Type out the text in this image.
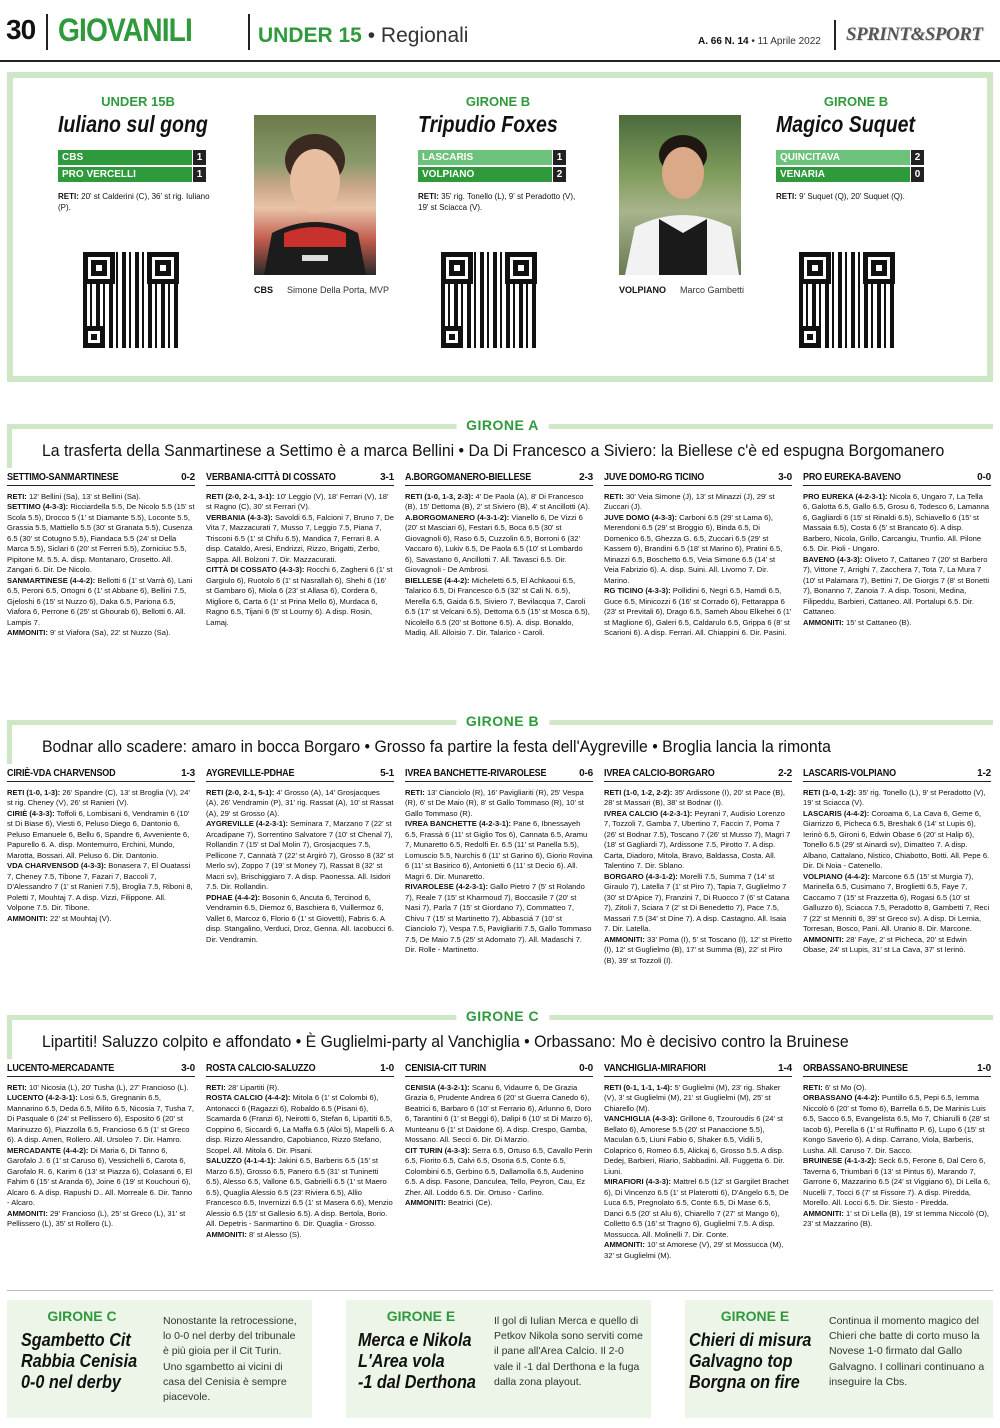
30 GIOVANILI	UNDER 15 • Regionali	A. 66 N. 14 • 11 Aprile 2022 SPRINT&SPORT
UNDER 15B
Iuliano sul gong
CBS	1
PRO VERCELLI	1
RETI: 20' st Calderini (C), 36' st rig. Iuliano (P).
CBS Simone Della Porta, MVP
GIRONE B
Tripudio Foxes
LASCARIS	1
VOLPIANO	2
RETI: 35' rig. Tonello (L), 9' st Peradotto (V), 19' st Sciacca (V).
VOLPIANO Marco Gambetti
GIRONE B
Magico Suquet
QUINCITAVA	2
VENARIA	0
RETI: 9' Suquet (Q), 20' Suquet (Q).
GIRONE A
La trasferta della Sanmartinese a Settimo è a marca Bellini • Da Di Francesco a Siviero: la Biellese c'è ed espugna Borgomanero
SETTIMO-SANMARTINESE	0-2
RETI: 12' Bellini (Sa), 13' st Bellini (Sa).
SETTIMO (4-3-3): Ricciardella 5.5, De Nicolo 5.5 (15' st Scola 5.5), Drocco 5 (1' st Diamante 5.5), Loconte 5.5, Grassia 5.5, Mattiello 5.5 (30' st Granata 5.5), Cusenza 6.5 (30' st Cotugno 5.5), Fiandaca 5.5 (24' st Della Marca 5.5), Siclari 6 (20' st Ferreri 5.5), Zorniciuc 5.5, Pipitone M. 5.5. A. disp. Montanaro, Crosetto. All. Zangari 6. Dir. De Nicolo.
SANMARTINESE (4-4-2): Bellotti 6 (1' st Varrà 6), Lani 6.5, Peroni 6.5, Ortogni 6 (1' st Abbane 6), Bellini 7.5, Gjeloshi 6 (15' st Nuzzo 6), Daka 6.5, Pariona 6.5, Viafora 6, Perrone 6 (25' st Ghourab 6), Bellotti 6. All. Lampis 7.
AMMONITI: 9' st Viafora (Sa), 22' st Nuzzo (Sa).
VERBANIA-CITTÀ DI COSSATO	3-1
RETI (2-0, 2-1, 3-1): 10' Leggio (V), 18' Ferrari (V), 18' st Ragno (C), 30' st Ferrari (V).
VERBANIA (4-3-3): Savoldi 6.5, Falcioni 7, Bruno 7, De Vita 7, Mazzacurati 7, Musso 7, Leggio 7.5, Piana 7, Trisconi 6.5 (1' st Chifu 6.5), Mandica 7, Ferrari 8. A disp. Cataldo, Aresi, Endrizzi, Rizzo, Brigatti, Zerbo, Sappa. All. Bolzoni 7. Dir. Mazzacurati.
CITTÀ DI COSSATO (4-3-3): Rocchi 6, Zagheni 6 (1' st Gargiulo 6), Ruotolo 6 (1' st Nasrallah 6), Shehi 6 (16' st Gambaro 6), Miola 6 (23' st Allasa 6), Cordera 6, Migliore 6, Carta 6 (1' st Prina Mello 6), Murdaca 6, Ragno 6.5, Tijani 6 (5' st Lourny 6). A disp. Rosin, Lamaj.
A.BORGOMANERO-BIELLESE	2-3
RETI (1-0, 1-3, 2-3): 4' De Paola (A), 8' Di Francesco (B), 15' Dettoma (B), 2' st Siviero (B), 4' st Ancillotti (A).
A.BORGOMANERO (4-3-1-2): Vianello 6, De Vizzi 6 (20' st Masciari 6), Festari 6.5, Boca 6.5 (30' st Giovagnoli 6), Raso 6.5, Cuzzolin 6.5, Borroni 6 (32' Vaccaro 6), Lukiv 6.5, De Paola 6.5 (10' st Lombardo 6), Savastano 6, Ancillotti 7. All. Tavasci 6.5. Dir. Giovagnoli - De Ambrosi.
BIELLESE (4-4-2): Micheletti 6.5, El Achkaoui 6.5, Talarico 6.5, Di Francesco 6.5 (32' st Cali N. 6.5), Merella 6.5, Gaida 6.5, Siviero 7, Bevilacqua 7, Caroli 6.5 (17' st Velcani 6.5), Dettoma 6.5 (15' st Mosca 6.5), Nicolello 6.5 (20' st Bottone 6.5). A. disp. Bonaldo, Madiq. All. Alloisio 7. Dir. Talarico - Caroli.
JUVE DOMO-RG TICINO	3-0
RETI: 30' Veia Simone (J), 13' st Minazzi (J), 29' st Zuccari (J).
JUVE DOMO (4-3-3): Carboni 6.5 (29' st Lama 6), Merendoni 6.5 (29' st Broggio 6), Binda 6.5, Di Domenico 6.5, Ghezza G. 6.5, Zuccari 6.5 (29' st Kassem 6), Brandini 6.5 (18' st Marino 6), Pratini 6.5, Minazzi 6.5, Boschetto 6.5, Veia Simone 6.5 (14' st Veia Fabrizio 6). A. disp. Suini. All. Livorno 7. Dir. Marino.
RG TICINO (4-3-3): Pollidini 6, Negri 6.5, Hamdi 6.5, Guce 6.5, Minicozzi 6 (16' st Corrado 6), Fettarappa 6 (23' st Previtali 6), Drago 6.5, Sameh Abou Elkehei 6 (1' st Maglione 6), Galeri 6.5, Caldarulo 6.5, Grippa 6 (8' st Scarioni 6). A disp. Ferrari. All. Chiappini 6. Dir. Pasini.
PRO EUREKA-BAVENO	0-0
PRO EUREKA (4-2-3-1): Nicola 6, Ungaro 7, La Tella 6, Galotta 6.5, Gallo 6.5, Grosu 6, Todesco 6, Lamanna 6, Gagliardi 6 (15' st Rinaldi 6.5), Schiavello 6 (15' st Massaia 6.5), Costa 6 (5' st Brancato 6). A disp. Barbero, Nicola, Grillo, Carcangiu, Trunfio. All. Pilone 6.5. Dir. Pioli - Ungaro.
BAVENO (4-3-3): Oliveto 7, Cattaneo 7 (20' st Barbero 7), Vittone 7, Arrighi 7, Zacchera 7, Tota 7, La Mura 7 (10' st Palamara 7), Bettini 7, De Giorgis 7 (8' st Bonetti 7), Bonanno 7, Zanoia 7. A disp. Tosoni, Medina, Filipeddu, Barbieri, Cattaneo. All. Portalupi 6.5. Dir. Cattaneo.
AMMONITI: 15' st Cattaneo (B).
GIRONE B
Bodnar allo scadere: amaro in bocca Borgaro • Grosso fa partire la festa dell'Aygreville • Broglia lancia la rimonta
CIRIÈ-VDA CHARVENSOD	1-3
RETI (1-0, 1-3): 26' Spandre (C), 13' st Broglia (V), 24' st rig. Cheney (V), 26' st Ranieri (V).
CIRIÈ (4-3-3): Toffoli 6, Lombisani 6, Vendramin 6 (10' st Di Biase 6), Viesti 6, Peluso Diego 6, Dantonio 6, Peluso Emanuele 6, Bellu 6, Spandre 6, Avveniente 6, Papurello 6. A. disp. Montemurro, Erchini, Mundo, Marotta, Bossari. All. Peluso 6. Dir. Dantonio.
VDA CHARVENSOD (4-3-3): Bonasera 7, El Ouatassi 7, Cheney 7.5, Tibone 7, Fazari 7, Baccoli 7, D'Alessandro 7 (1' st Ranieri 7.5), Broglia 7.5, Riboni 8, Poletti 7, Mouhtaj 7. A disp. Vizzi, Filippone. All. Volpone 7.5. Dir. Tibone.
AMMONITI: 22' st Mouhtaj (V).
AYGREVILLE-PDHAE	5-1
RETI (2-0, 2-1, 5-1): 4' Grosso (A), 14' Grosjacques (A), 26' Vendramin (P), 31' rig. Rassat (A), 10' st Rassat (A), 29' st Grosso (A).
AYGREVILLE (4-2-3-1): Seminara 7, Marzano 7 (22' st Arcadipane 7), Sorrentino Salvatore 7 (10' st Chenal 7), Rollandin 7 (15' st Dal Molin 7), Grosjacques 7.5, Pellicone 7, Cannatà 7 (22' st Argirò 7), Grosso 8 (32' st Merlo sv), Zoppo 7 (19' st Money 7), Rassat 8 (32' st Macri sv), Brischiggiaro 7. A disp. Paonessa. All. Isidori 7.5. Dir. Rollandin.
PDHAE (4-4-2): Bosonin 6, Ancuta 6, Tercinod 6, Vendramin 6.5, Diemoz 6, Baschiera 6, Vuillermoz 6, Vallet 6, Marcoz 6, Florio 6 (1' st Giovetti), Fabris 6. A disp. Stangalino, Verduci, Droz, Genna. All. Iacobucci 6. Dir. Vendramin.
IVREA BANCHETTE-RIVAROLESE	0-6
RETI: 13' Cianciolo (R), 16' Pavigliariti (R), 25' Vespa (R), 6' st De Maio (R), 8' st Gallo Tommaso (R), 10' st Gallo Tommaso (R).
IVREA BANCHETTE (4-2-3-1): Pane 6, Ibnessayeh 6.5, Frassà 6 (11' st Giglio Tos 6), Cannata 6.5, Aramu 7, Munaretto 6.5, Redolfi Er. 6.5 (11' st Panella 5.5), Lomuscio 5.5, Nurchis 6 (11' st Garino 6), Giorio Rovina 6 (11' st Basirico 6), Antonietti 6 (11' st Decio 6). All. Magri 6. Dir. Munaretto.
RIVAROLESE (4-2-3-1): Gallo Pietro 7 (5' st Rolando 7), Reale 7 (15' st Kharmoud 7), Boccasile 7 (20' st Nasi 7), Parla 7 (15' st Giordano 7), Commatteo 7, Chivu 7 (15' st Martinetto 7), Abbasciá 7 (10' st Cianciolo 7), Vespa 7.5, Pavigliariti 7.5, Gallo Tommaso 7.5, De Maio 7.5 (25' st Adornato 7). All. Madaschi 7. Dir. Rolle - Martinetto.
IVREA CALCIO-BORGARO	2-2
RETI (1-0, 1-2, 2-2): 35' Ardissone (I), 20' st Pace (B), 28' st Massari (B), 38' st Bodnar (I).
IVREA CALCIO (4-2-3-1): Peyrani 7, Audisio Lorenzo 7, Tozzoli 7, Gamba 7, Ubertino 7, Faccin 7, Poma 7 (26' st Bodnar 7.5), Toscano 7 (26' st Musso 7), Magri 7 (18' st Gagliardi 7), Ardissone 7.5, Pirotto 7. A disp. Carta, Diadoro, Mitola, Bravo, Baldassa, Costa. All. Talentino 7. Dir. Sblano.
BORGARO (4-3-1-2): Morelli 7.5, Summa 7 (14' st Giraulo 7), Latella 7 (1' st Piro 7), Tapia 7, Guglielmo 7 (30' st D'Apice 7), Franzini 7, Di Ruocco 7 (6' st Catana 7), Zitoli 7, Sciara 7 (2' st Di Benedetto 7), Pace 7.5, Massari 7.5 (34' st Dine 7). A disp. Castagno. All. Isaia 7. Dir. Latella.
AMMONITI: 33' Poma (I), 5' st Toscano (I), 12' st Piretto (I), 12' st Guglielmo (B), 17' st Summa (B), 22' st Piro (B), 39' st Tozzoli (I).
LASCARIS-VOLPIANO	1-2
RETI (1-0, 1-2): 35' rig. Tonello (L), 9' st Peradotto (V), 19' st Sciacca (V).
LASCARIS (4-4-2): Coroama 6, La Cava 6, Geme 6, Giarrizzo 6, Picheca 6.5, Breshak 6 (14' st Lupis 6), Ierinò 6.5, Gironi 6, Edwin Obase 6 (20' st Halip 6), Tonello 6.5 (29' st Ainardi sv), Dimatteo 7. A disp. Albano, Cattalano, Nistico, Chiabotto, Botti. All. Pepe 6. Dir. Di Noia - Catenello.
VOLPIANO (4-4-2): Marcone 6.5 (15' st Murgia 7), Marinella 6.5, Cusimano 7, Broglietti 6.5, Faye 7, Caccamo 7 (15' st Frazzetta 6), Rogasi 6.5 (10' st Galluzzo 6), Sciacca 7.5, Peradotto 8, Gambetti 7, Reci 7 (22' st Menniti 6, 39' st Greco sv). A disp. Di Lernia, Torresan, Bosco, Pani. All. Uranio 8. Dir. Marcone.
AMMONITI: 28' Faye, 2' st Picheca, 20' st Edwin Obase, 24' st Lupis, 31' st La Cava, 37' st Ierinò.
GIRONE C
Lipartiti! Saluzzo colpito e affondato • È Guglielmi-party al Vanchiglia • Orbassano: Mo è decisivo contro la Bruinese
LUCENTO-MERCADANTE	3-0
RETI: 10' Nicosia (L), 20' Tusha (L), 27' Francioso (L).
LUCENTO (4-2-3-1): Losi 6.5, Gregnanin 6.5, Mannarino 6.5, Deda 6.5, Milito 6.5, Nicosia 7, Tusha 7, Di Pasquale 6 (24' st Pellissero 6), Esposito 6 (20' st Marinuzzo 6), Piazzolla 6.5, Francioso 6.5 (1' st Greco 6). A disp. Amen, Rollero. All. Ursoleo 7. Dir. Hamro.
MERCADANTE (4-4-2): Di Maria 6, Di Tanno 6, Garofalo J. 6 (1' st Caruso 6), Vessichelli 6, Carota 6, Garofalo R. 6, Karim 6 (13' st Piazza 6), Colasanti 6, El Fahim 6 (15' st Aranda 6), Joine 6 (19' st Kouchouri 6), Alcaro 6. A disp. Rapushi D.. All. Morreale 6. Dir. Tanno - Alcaro.
AMMONITI: 29' Francioso (L), 25' st Greco (L), 31' st Pellissero (L), 35' st Rollero (L).
ROSTA CALCIO-SALUZZO	1-0
RETI: 28' Lipartiti (R).
ROSTA CALCIO (4-4-2): Mitola 6 (1' st Colombi 6), Antonacci 6 (Ragazzi 6), Robaldo 6.5 (Pisani 6), Scamarda 6 (Franzi 6), Neirotti 6, Stefan 6, Lipartiti 6.5, Coppino 6, Siccardi 6, La Maffa 6.5 (Aloi 5), Mapelli 6. A disp. Rizzo Alessandro, Capobianco, Rizzo Stefano, Scopel. All. Mitola 6. Dir. Pisani.
SALUZZO (4-1-4-1): Jakini 6.5, Barberis 6.5 (15' st Marzo 6.5), Grosso 6.5, Panero 6.5 (31' st Tuninetti 6.5), Alesso 6.5, Vallone 6.5, Gabrielli 6.5 (1' st Maero 6.5), Quaglia Alessio 6.5 (23' Riviera 6.5), Allio Francesco 6.5, Invernizzi 6.5 (1' st Masera 6.6), Menzio Alessio 6.5 (15' st Gallesio 6.5). A disp. Bertola, Borio. All. Depetris - Sanmartino 6. Dir. Quaglia - Grosso.
AMMONITI: 8' st Alesso (S).
CENISIA-CIT TURIN	0-0
CENISIA (4-3-2-1): Scanu 6, Vidaurre 6, De Grazia Grazia 6, Prudente Andrea 6 (20' st Guerra Canedo 6), Beatrici 6, Barbaro 6 (10' st Ferrario 6), Arlunno 6, Doro 6, Tarantini 6 (1' st Beggi 6), Dalipi 6 (10' st Di Marzo 6), Munteanu 6 (1' st Daidone 6). A disp. Crespo, Gamba, Mossano. All. Secci 6. Dir. Di Marzio.
CIT TURIN (4-3-3): Serra 6.5, Ortuso 6.5, Cavallo Perin 6.5, Fiorito 6.5, Calvi 6.5, Osoria 6.5, Conte 6.5, Colombini 6.5, Gerbino 6.5, Dallamolla 6.5, Audenino 6.5. A disp. Fasone, Danculea, Tello, Peyron, Cau, Ez Zher. All. Loddo 6.5. Dir. Ortuso - Carlino.
AMMONITI: Beatrici (Ce).
VANCHIGLIA-MIRAFIORI	1-4
RETI (0-1, 1-1, 1-4): 5' Guglielmi (M), 23' rig. Shaker (V), 3' st Guglielmi (M), 21' st Guglielmi (M), 25' st Chiarello (M).
VANCHIGLIA (4-3-3): Grillone 6, Tzouroudis 6 (24' st Bellato 6), Amorese 5.5 (20' st Panaccione 5.5), Maculan 6.5, Liuni Fabio 6, Shaker 6.5, Vidili 5, Colaprico 6, Romeo 6.5, Alickaj 6, Grosso 5.5. A disp. Dedej, Barbieri, Riario, Sabbadini. All. Fuggetta 6. Dir. Liuni.
MIRAFIORI (4-3-3): Mattrel 6.5 (12' st Gargilet Brachet 6), Di Vincenzo 6.5 (1' st Platerotti 6), D'Angelo 6.5, De Luca 6.5, Pregnolato 6.5, Conte 6.5, Di Mase 6.5, Danci 6.5 (20' st Alu 6), Chiarello 7 (27' st Mango 6), Colletto 6.5 (16' st Tragno 6), Guglielmi 7.5. A disp. Mossucca. All. Molinelli 7. Dir. Conte.
AMMONITI: 10' st Amorese (V), 29' st Mossucca (M), 32' st Guglielmi (M).
ORBASSANO-BRUINESE	1-0
RETI: 6' st Mo (O).
ORBASSANO (4-4-2): Puntillo 6.5, Pepi 6.5, Iemma Niccolò 6 (20' st Tomo 6), Barrella 6.5, De Marinis Luis 6.5, Sacco 6.5, Evangelista 6.5, Mo 7, Chiarulli 6 (28' st Iacob 6), Perella 6 (1' st Ruffinatto P. 6), Lupo 6 (15' st Kongo Saverio 6). A disp. Carrano, Viola, Barberis, Lusha. All. Caruso 7. Dir. Sacco.
BRUINESE (4-1-3-2): Seck 6.5, Ferone 6, Dal Cero 6, Taverna 6, Triumbari 6 (13' st Pintus 6), Marando 7, Garrone 6, Mazzarino 6.5 (24' st Viggiano 6), Di Lella 6, Nucelli 7, Tocci 6 (7' st Fissore 7). A disp. Piredda, Morello. All. Locci 6.5. Dir. Siesto - Piredda.
AMMONITI: 1' st Di Lella (B), 19' st Iemma Niccolò (O), 23' st Mazzarino (B).
GIRONE C
Sgambetto Cit
Rabbia Cenisia
0-0 nel derby
Nonostante la retrocessione, lo 0-0 nel derby del tribunale è più gioia per il Cit Turin. Uno sgambetto ai vicini di casa del Cenisia è sempre piacevole.
GIRONE E
Merca e Nikola
L'Area vola
-1 dal Derthona
Il gol di Iulian Merca e quello di Petkov Nikola sono serviti come il pane all'Area Calcio. Il 2-0 vale il -1 dal Derthona e la fuga dalla zona playout.
GIRONE E
Chieri di misura
Galvagno top
Borgna on fire
Continua il momento magico del Chieri che batte di corto muso la Novese 1-0 firmato dal Gallo Galvagno. I collinari continuano a inseguire la Cbs.
